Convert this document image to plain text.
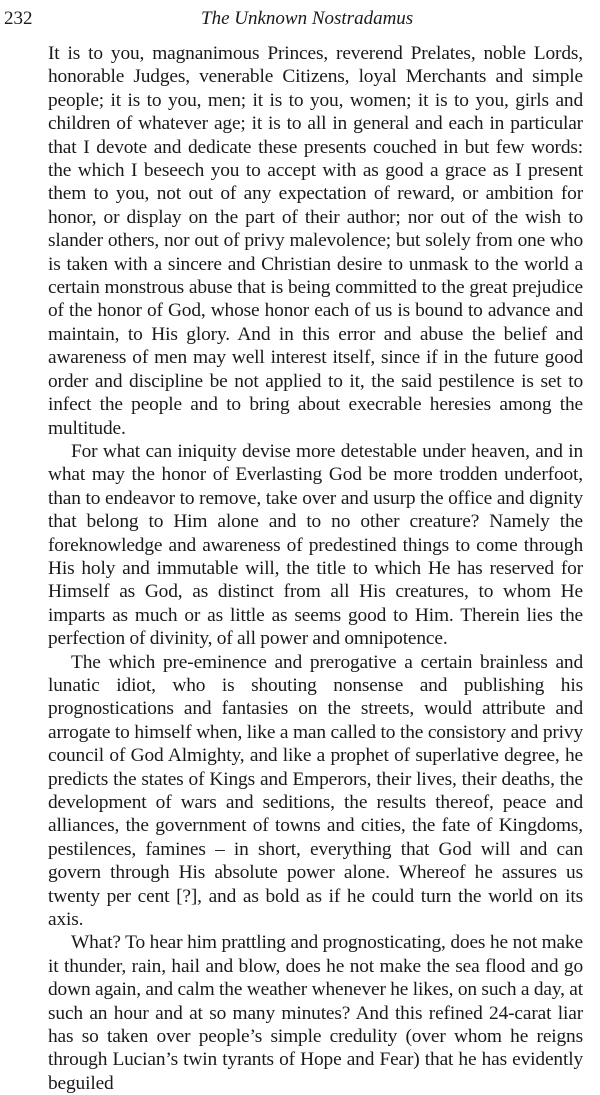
232	The Unknown Nostradamus

It is to you, magnanimous Princes, reverend Prelates, noble Lords, honorable Judges, venerable Citizens, loyal Merchants and simple people; it is to you, men; it is to you, women; it is to you, girls and children of whatever age; it is to all in general and each in particular that I devote and dedicate these presents couched in but few words: the which I beseech you to accept with as good a grace as I present them to you, not out of any expectation of reward, or ambition for honor, or display on the part of their author; nor out of the wish to slander others, nor out of privy malevolence; but solely from one who is taken with a sincere and Christian desire to unmask to the world a certain monstrous abuse that is being committed to the great prejudice of the honor of God, whose honor each of us is bound to advance and maintain, to His glory. And in this error and abuse the belief and awareness of men may well interest itself, since if in the future good order and discipline be not applied to it, the said pestilence is set to infect the people and to bring about execrable heresies among the multitude.

For what can iniquity devise more detestable under heaven, and in what may the honor of Everlasting God be more trodden underfoot, than to endeavor to remove, take over and usurp the office and dignity that belong to Him alone and to no other creature? Namely the foreknowledge and awareness of predestined things to come through His holy and immutable will, the title to which He has reserved for Himself as God, as distinct from all His creatures, to whom He imparts as much or as little as seems good to Him. Therein lies the perfection of divinity, of all power and omnipotence.

The which pre-eminence and prerogative a certain brainless and lunatic idiot, who is shouting nonsense and publishing his prognostications and fantasies on the streets, would attribute and arrogate to himself when, like a man called to the consistory and privy council of God Almighty, and like a prophet of superlative degree, he predicts the states of Kings and Emperors, their lives, their deaths, the development of wars and seditions, the results thereof, peace and alliances, the government of towns and cities, the fate of Kingdoms, pestilences, famines – in short, everything that God will and can govern through His absolute power alone. Whereof he assures us twenty per cent [?], and as bold as if he could turn the world on its axis.

What? To hear him prattling and prognosticating, does he not make it thunder, rain, hail and blow, does he not make the sea flood and go down again, and calm the weather whenever he likes, on such a day, at such an hour and at so many minutes? And this refined 24-carat liar has so taken over people’s simple credulity (over whom he reigns through Lucian’s twin tyrants of Hope and Fear) that he has evidently beguiled
